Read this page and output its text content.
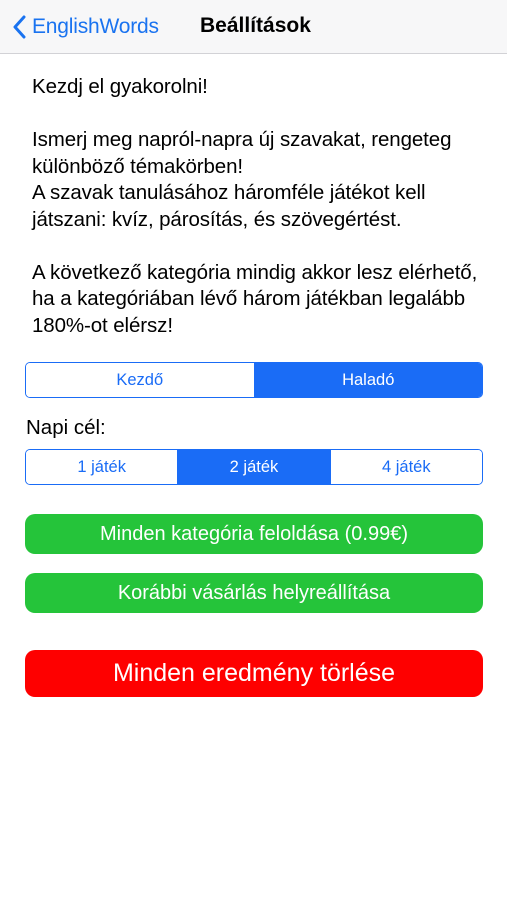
EnglishWords Beállítások

Kezdj el gyakorolni!

Ismerj meg napról-napra új szavakat, rengeteg különböző témakörben!

A szavak tanulásához háromféle játékot kell játszani: kvíz, párosítás, és szövegértést.

A következő kategória mindig akkor lesz elérhető, ha a kategóriában lévő három játékban legalább 180%-ot elérsz!

Kezdő	Haladó
Napi cél:
1 játék	2 játék	4 játék
Minden kategória feloldása (0.99€)
Korábbi vásárlás helyreállítása
Minden eredmény törlése
